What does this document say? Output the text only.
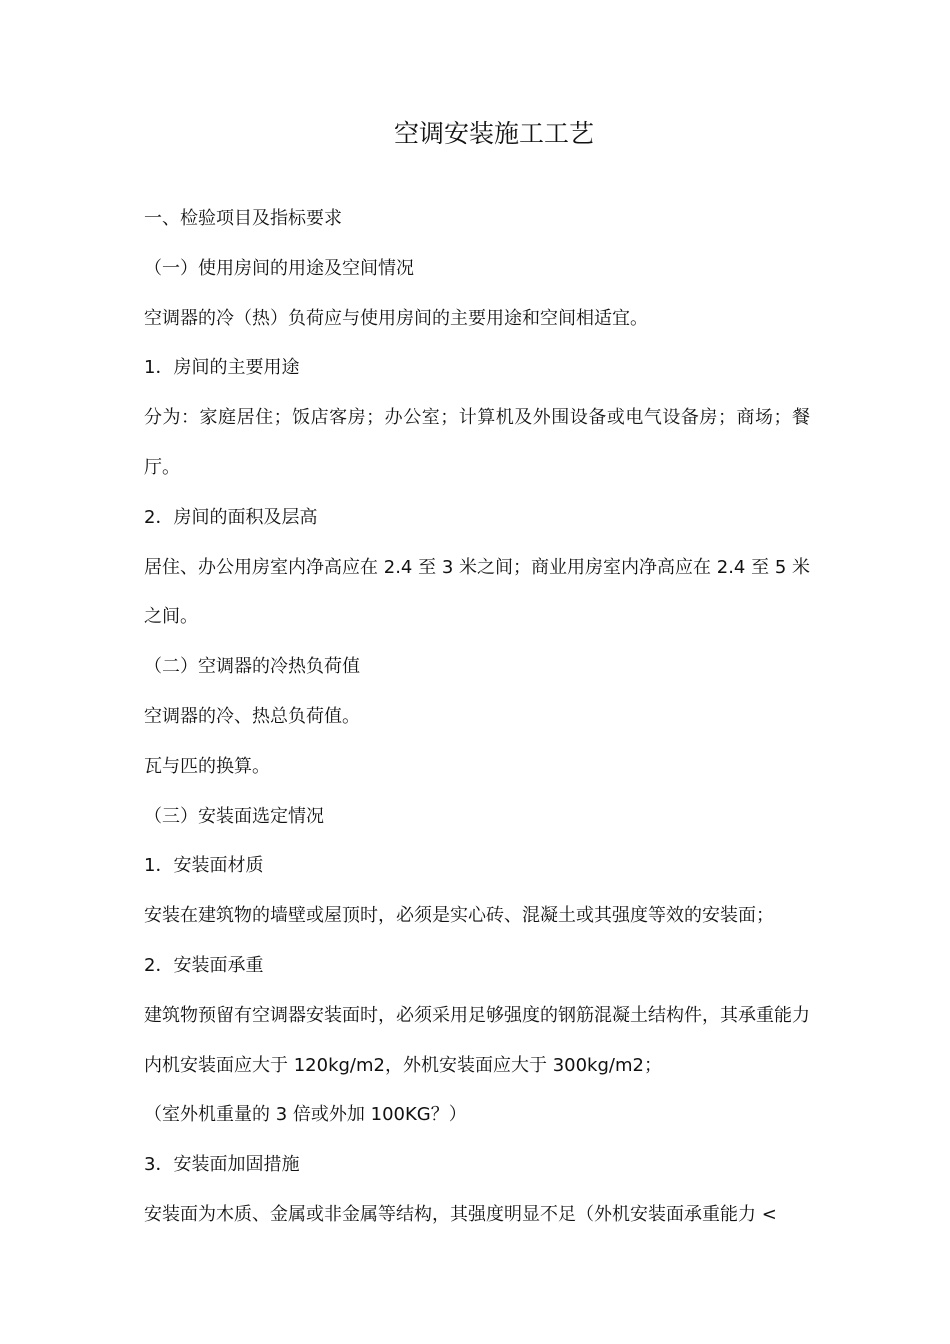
空调安装施工工艺
一、检验项目及指标要求
（一）使用房间的用途及空间情况
空调器的冷（热）负荷应与使用房间的主要用途和空间相适宜。
1．房间的主要用途
分为：家庭居住；饭店客房；办公室；计算机及外围设备或电气设备房；商场；餐厅。
2．房间的面积及层高
居住、办公用房室内净高应在 2.4 至 3 米之间；商业用房室内净高应在 2.4 至 5 米之间。
（二）空调器的冷热负荷值
空调器的冷、热总负荷值。
瓦与匹的换算。
（三）安装面选定情况
1．安装面材质
安装在建筑物的墙壁或屋顶时，必须是实心砖、混凝土或其强度等效的安装面；
2．安装面承重
建筑物预留有空调器安装面时，必须采用足够强度的钢筋混凝土结构件，其承重能力内机安装面应大于 120kg/m2，外机安装面应大于 300kg/m2；
（室外机重量的 3 倍或外加 100KG？）
3．安装面加固措施
安装面为木质、金属或非金属等结构，其强度明显不足（外机安装面承重能力 <
